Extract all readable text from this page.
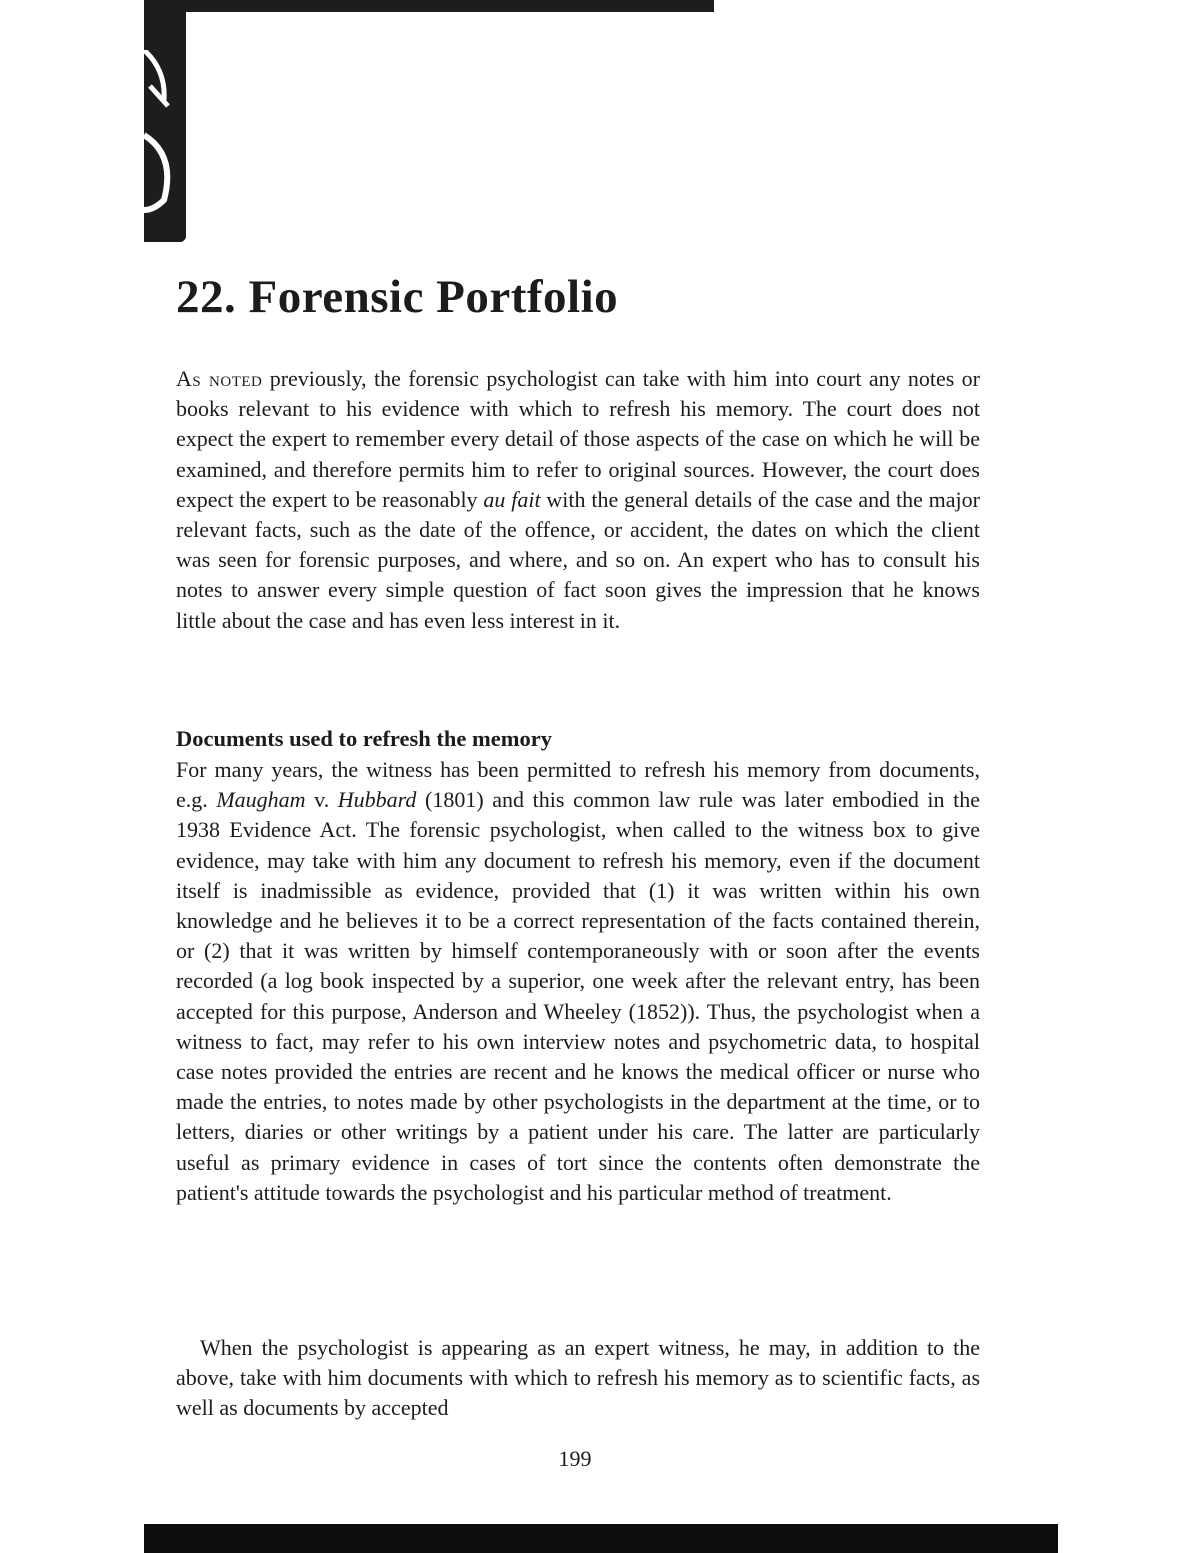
22. Forensic Portfolio

As noted previously, the forensic psychologist can take with him into court any notes or books relevant to his evidence with which to refresh his memory. The court does not expect the expert to remember every detail of those aspects of the case on which he will be examined, and therefore permits him to refer to original sources. However, the court does expect the expert to be reasonably au fait with the general details of the case and the major relevant facts, such as the date of the offence, or accident, the dates on which the client was seen for forensic purposes, and where, and so on. An expert who has to consult his notes to answer every simple question of fact soon gives the impression that he knows little about the case and has even less interest in it.

Documents used to refresh the memory

For many years, the witness has been permitted to refresh his memory from documents, e.g. Maugham v. Hubbard (1801) and this common law rule was later embodied in the 1938 Evidence Act. The forensic psychologist, when called to the witness box to give evidence, may take with him any document to refresh his memory, even if the document itself is inadmissible as evidence, provided that (1) it was written within his own knowledge and he believes it to be a correct representation of the facts contained therein, or (2) that it was written by himself contemporaneously with or soon after the events recorded (a log book inspected by a superior, one week after the relevant entry, has been accepted for this purpose, Anderson and Wheeley (1852)). Thus, the psychologist when a witness to fact, may refer to his own interview notes and psychometric data, to hospital case notes provided the entries are recent and he knows the medical officer or nurse who made the entries, to notes made by other psychologists in the department at the time, or to letters, diaries or other writings by a patient under his care. The latter are particularly useful as primary evidence in cases of tort since the contents often demonstrate the patient's attitude towards the psychologist and his particular method of treatment.

When the psychologist is appearing as an expert witness, he may, in addition to the above, take with him documents with which to refresh his memory as to scientific facts, as well as documents by accepted

199
